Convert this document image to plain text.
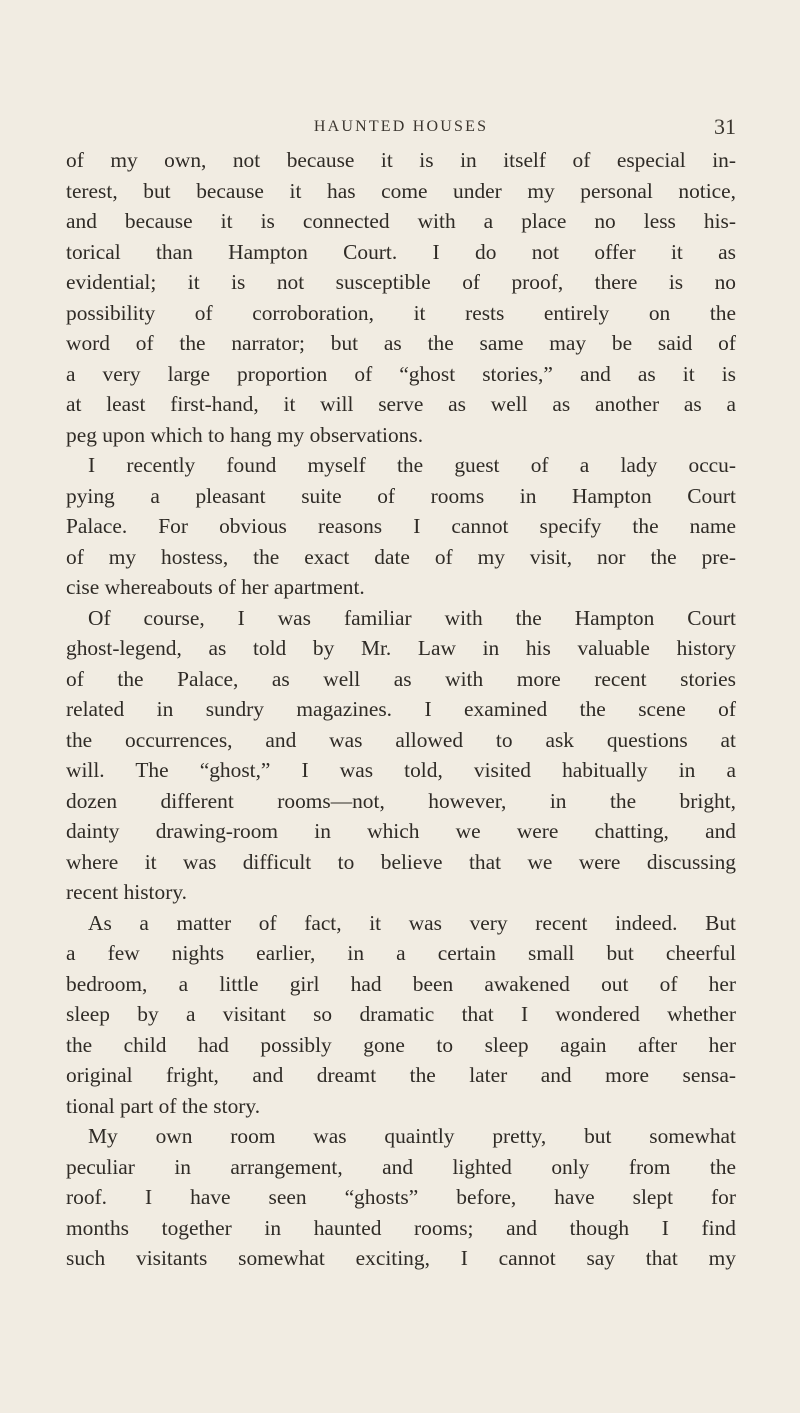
HAUNTED HOUSES	31
of my own, not because it is in itself of especial in-
terest, but because it has come under my personal notice,
and because it is connected with a place no less his-
torical than Hampton Court. I do not offer it as
evidential; it is not susceptible of proof, there is no
possibility of corroboration, it rests entirely on the
word of the narrator; but as the same may be said of
a very large proportion of “ghost stories,” and as it is
at least first-hand, it will serve as well as another as a
peg upon which to hang my observations.
I recently found myself the guest of a lady occu-
pying a pleasant suite of rooms in Hampton Court
Palace. For obvious reasons I cannot specify the name
of my hostess, the exact date of my visit, nor the pre-
cise whereabouts of her apartment.
Of course, I was familiar with the Hampton Court
ghost-legend, as told by Mr. Law in his valuable history
of the Palace, as well as with more recent stories
related in sundry magazines. I examined the scene of
the occurrences, and was allowed to ask questions at
will. The “ghost,” I was told, visited habitually in a
dozen different rooms—not, however, in the bright,
dainty drawing-room in which we were chatting, and
where it was difficult to believe that we were discussing
recent history.
As a matter of fact, it was very recent indeed. But
a few nights earlier, in a certain small but cheerful
bedroom, a little girl had been awakened out of her
sleep by a visitant so dramatic that I wondered whether
the child had possibly gone to sleep again after her
original fright, and dreamt the later and more sensa-
tional part of the story.
My own room was quaintly pretty, but somewhat
peculiar in arrangement, and lighted only from the
roof. I have seen “ghosts” before, have slept for
months together in haunted rooms; and though I find
such visitants somewhat exciting, I cannot say that my
